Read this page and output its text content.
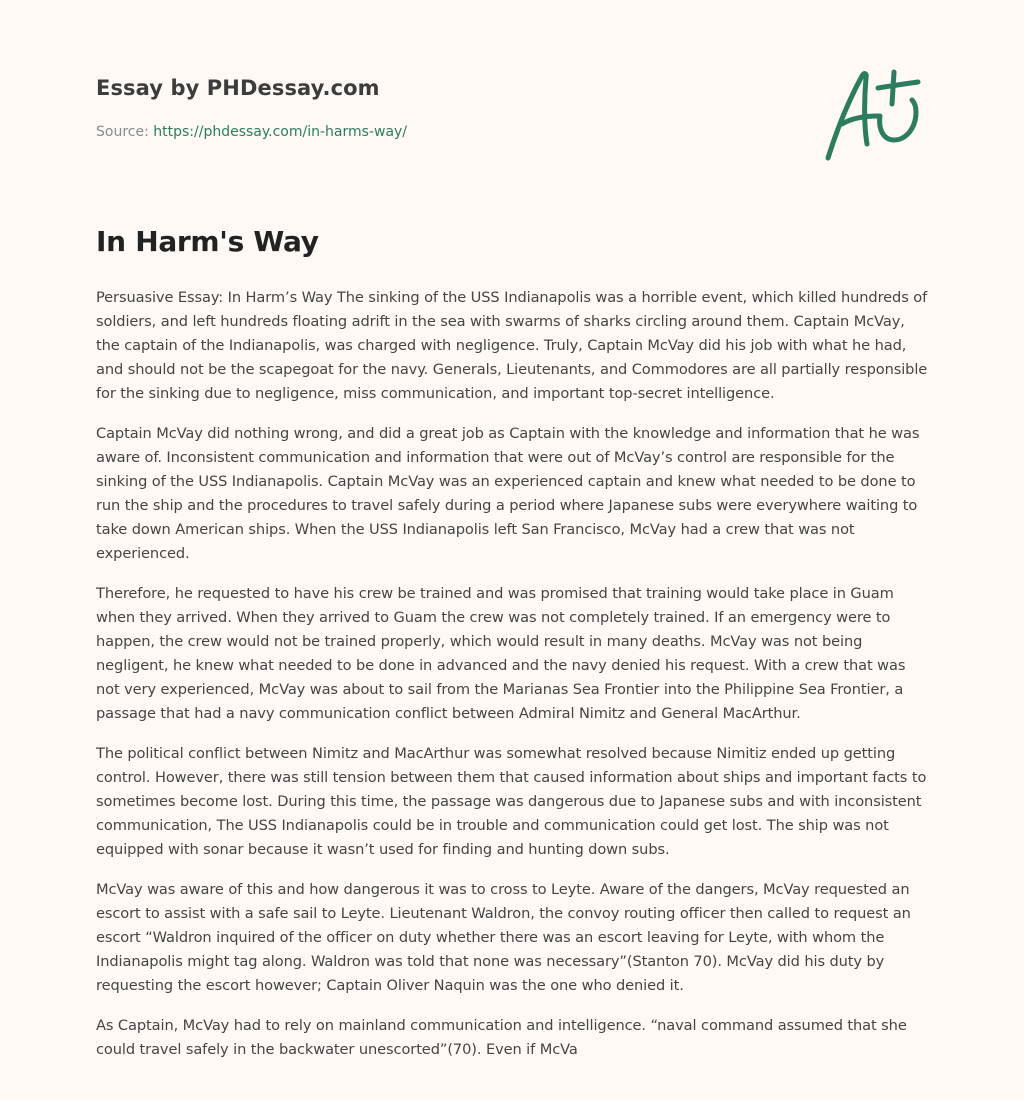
Essay by PHDessay.com
Source: https://phdessay.com/in-harms-way/
In Harm's Way

Persuasive Essay: In Harm’s Way The sinking of the USS Indianapolis was a horrible event, which killed hundreds of soldiers, and left hundreds floating adrift in the sea with swarms of sharks circling around them. Captain McVay, the captain of the Indianapolis, was charged with negligence. Truly, Captain McVay did his job with what he had, and should not be the scapegoat for the navy. Generals, Lieutenants, and Commodores are all partially responsible for the sinking due to negligence, miss communication, and important top-secret intelligence.

Captain McVay did nothing wrong, and did a great job as Captain with the knowledge and information that he was aware of. Inconsistent communication and information that were out of McVay’s control are responsible for the sinking of the USS Indianapolis. Captain McVay was an experienced captain and knew what needed to be done to run the ship and the procedures to travel safely during a period where Japanese subs were everywhere waiting to take down American ships. When the USS Indianapolis left San Francisco, McVay had a crew that was not experienced.

Therefore, he requested to have his crew be trained and was promised that training would take place in Guam when they arrived. When they arrived to Guam the crew was not completely trained. If an emergency were to happen, the crew would not be trained properly, which would result in many deaths. McVay was not being negligent, he knew what needed to be done in advanced and the navy denied his request. With a crew that was not very experienced, McVay was about to sail from the Marianas Sea Frontier into the Philippine Sea Frontier, a passage that had a navy communication conflict between Admiral Nimitz and General MacArthur.

The political conflict between Nimitz and MacArthur was somewhat resolved because Nimitiz ended up getting control. However, there was still tension between them that caused information about ships and important facts to sometimes become lost. During this time, the passage was dangerous due to Japanese subs and with inconsistent communication, The USS Indianapolis could be in trouble and communication could get lost. The ship was not equipped with sonar because it wasn’t used for finding and hunting down subs.

McVay was aware of this and how dangerous it was to cross to Leyte. Aware of the dangers, McVay requested an escort to assist with a safe sail to Leyte. Lieutenant Waldron, the convoy routing officer then called to request an escort “Waldron inquired of the officer on duty whether there was an escort leaving for Leyte, with whom the Indianapolis might tag along. Waldron was told that none was necessary”(Stanton 70). McVay did his duty by requesting the escort however; Captain Oliver Naquin was the one who denied it.

As Captain, McVay had to rely on mainland communication and intelligence. “naval command assumed that she could travel safely in the backwater unescorted”(70). Even if McVa
